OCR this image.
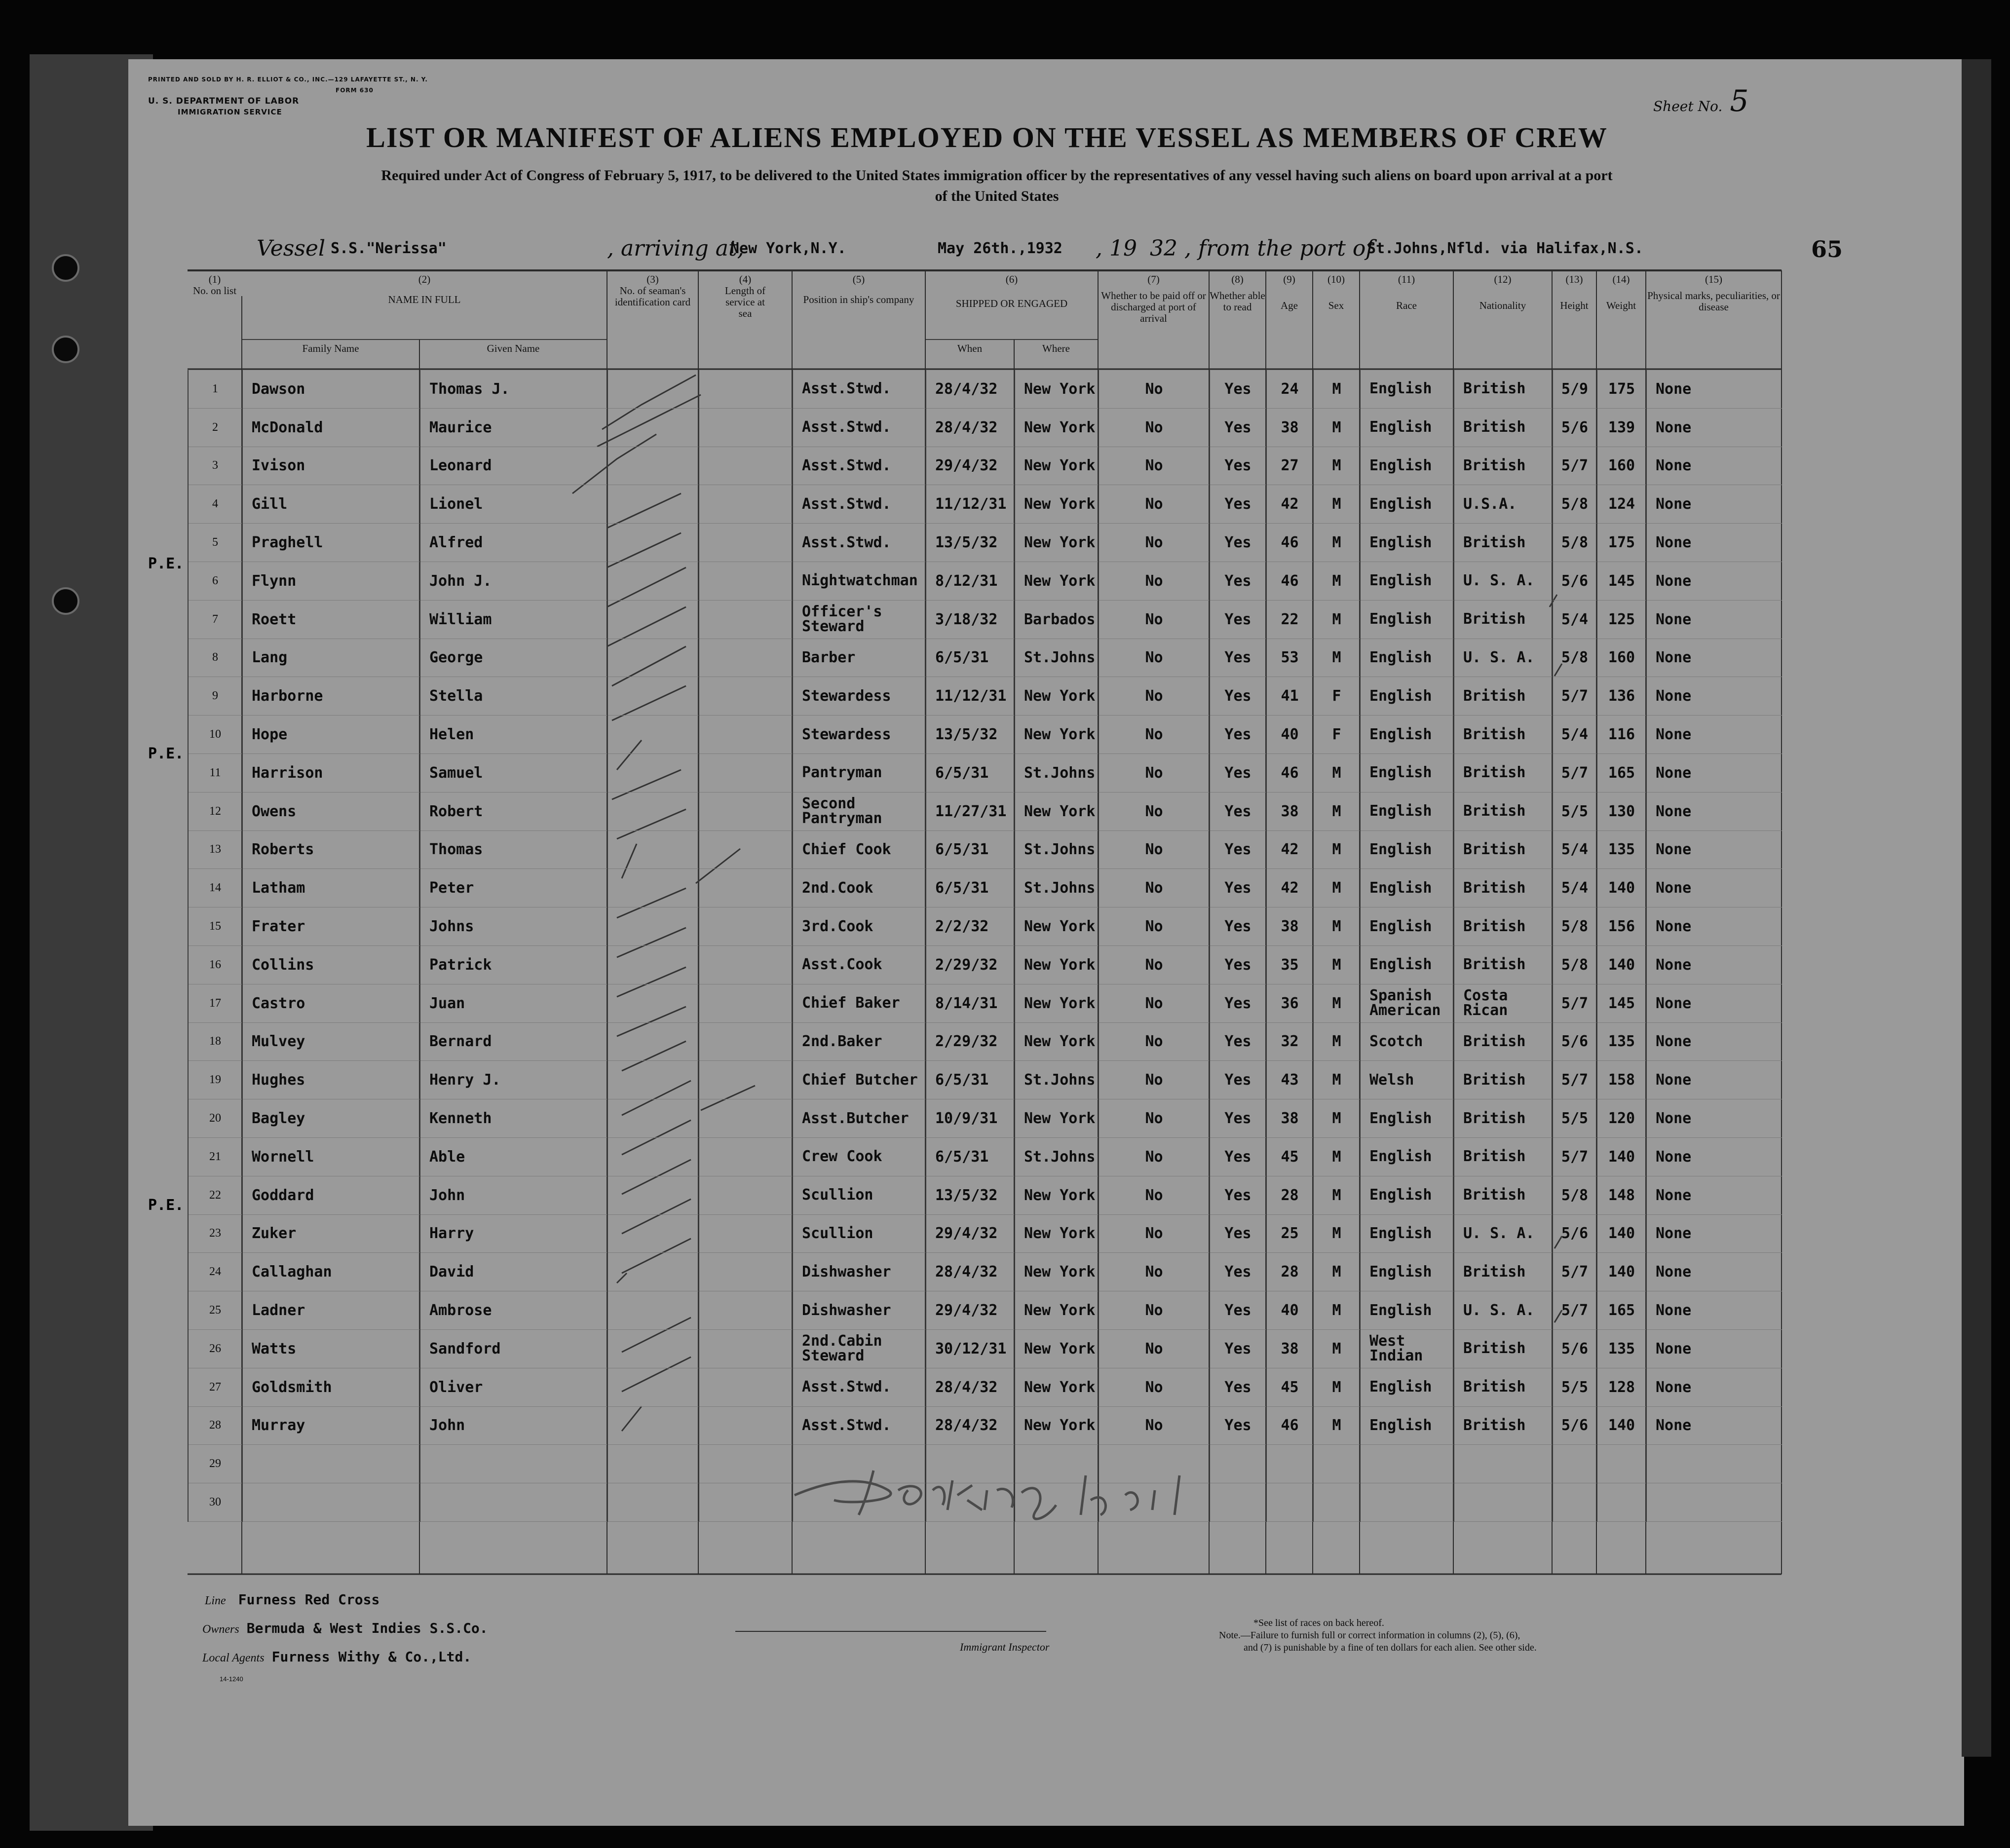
PRINTED AND SOLD BY H. R. ELLIOT & CO., INC.—129 LAFAYETTE ST., N. Y.
FORM 630
U. S. DEPARTMENT OF LABOR
IMMIGRATION SERVICE	Sheet No. 5
LIST OR MANIFEST OF ALIENS EMPLOYED ON THE VESSEL AS MEMBERS OF CREW
Required under Act of Congress of February 5, 1917, to be delivered to the United States immigration officer by the representatives of any vessel having such aliens on board upon arrival at a port
of the United States
Vessel S.S."Nerissa"	, arriving at,
New York,N.Y.	May 26th.,1932 , 19 32 , from the port of
St.Johns,Nfld. via Halifax,N.S.	65
(1)
No. on list
(2)
NAME IN FULL
Family Name	Given Name
(3)
No. of seaman's identification card
(4)
Length of service at sea
(5)
Position in ship's company
(6)
SHIPPED OR ENGAGED
When	Where
(7)
Whether to be paid off or discharged at port of arrival
(8)
Whether able to read
(9)
Age
(10)
Sex
(11)
Race
(12)
Nationality
(13)
Height
(14)
Weight
(15)
Physical marks, peculiarities, or disease
1	Dawson	Thomas J.			Asst.Stwd.	28/4/32	New York	No	Yes	24	M	English	British	5/9	175	None
2	McDonald	Maurice			Asst.Stwd.	28/4/32	New York	No	Yes	38	M	English	British	5/6	139	None
3	Ivison	Leonard			Asst.Stwd.	29/4/32	New York	No	Yes	27	M	English	British	5/7	160	None
4	Gill	Lionel			Asst.Stwd.	11/12/31	New York	No	Yes	42	M	English	U.S.A.	5/8	124	None
5	Praghell	Alfred			Asst.Stwd.	13/5/32	New York	No	Yes	46	M	English	British	5/8	175	None
6	Flynn	John J.			Nightwatchman	8/12/31	New York	No	Yes	46	M	English	U. S. A.	5/6	145	None
7	Roett	William			Officer's Steward	3/18/32	Barbados	No	Yes	22	M	English	British	5/4	125	None
8	Lang	George			Barber	6/5/31	St.Johns	No	Yes	53	M	English	U. S. A.	5/8	160	None
9	Harborne	Stella			Stewardess	11/12/31	New York	No	Yes	41	F	English	British	5/7	136	None
10	Hope	Helen			Stewardess	13/5/32	New York	No	Yes	40	F	English	British	5/4	116	None
11	Harrison	Samuel			Pantryman	6/5/31	St.Johns	No	Yes	46	M	English	British	5/7	165	None
12	Owens	Robert			Second Pantryman	11/27/31	New York	No	Yes	38	M	English	British	5/5	130	None
13	Roberts	Thomas			Chief Cook	6/5/31	St.Johns	No	Yes	42	M	English	British	5/4	135	None
14	Latham	Peter			2nd.Cook	6/5/31	St.Johns	No	Yes	42	M	English	British	5/4	140	None
15	Frater	Johns			3rd.Cook	2/2/32	New York	No	Yes	38	M	English	British	5/8	156	None
16	Collins	Patrick			Asst.Cook	2/29/32	New York	No	Yes	35	M	English	British	5/8	140	None
17	Castro	Juan			Chief Baker	8/14/31	New York	No	Yes	36	M	Spanish American	Costa Rican	5/7	145	None
18	Mulvey	Bernard			2nd.Baker	2/29/32	New York	No	Yes	32	M	Scotch	British	5/6	135	None
19	Hughes	Henry J.			Chief Butcher	6/5/31	St.Johns	No	Yes	43	M	Welsh	British	5/7	158	None
20	Bagley	Kenneth			Asst.Butcher	10/9/31	New York	No	Yes	38	M	English	British	5/5	120	None
21	Wornell	Able			Crew Cook	6/5/31	St.Johns	No	Yes	45	M	English	British	5/7	140	None
22	Goddard	John			Scullion	13/5/32	New York	No	Yes	28	M	English	British	5/8	148	None
23	Zuker	Harry			Scullion	29/4/32	New York	No	Yes	25	M	English	U. S. A.	5/6	140	None
24	Callaghan	David			Dishwasher	28/4/32	New York	No	Yes	28	M	English	British	5/7	140	None
25	Ladner	Ambrose			Dishwasher	29/4/32	New York	No	Yes	40	M	English	U. S. A.	5/7	165	None
26	Watts	Sandford			2nd.Cabin Steward	30/12/31	New York	No	Yes	38	M	West Indian	British	5/6	135	None
27	Goldsmith	Oliver			Asst.Stwd.	28/4/32	New York	No	Yes	45	M	English	British	5/5	128	None
28	Murray	John			Asst.Stwd.	28/4/32	New York	No	Yes	46	M	English	British	5/6	140	None
29																
30																
P.E.
P.E.
P.E.
Line Furness Red Cross
Owners Bermuda & West Indies S.S.Co.
Local Agents Furness Withy & Co.,Ltd.
14-1240
Immigrant Inspector
*See list of races on back hereof.
Note.—Failure to furnish full or correct information in columns (2), (5), (6),
and (7) is punishable by a fine of ten dollars for each alien. See other side.
